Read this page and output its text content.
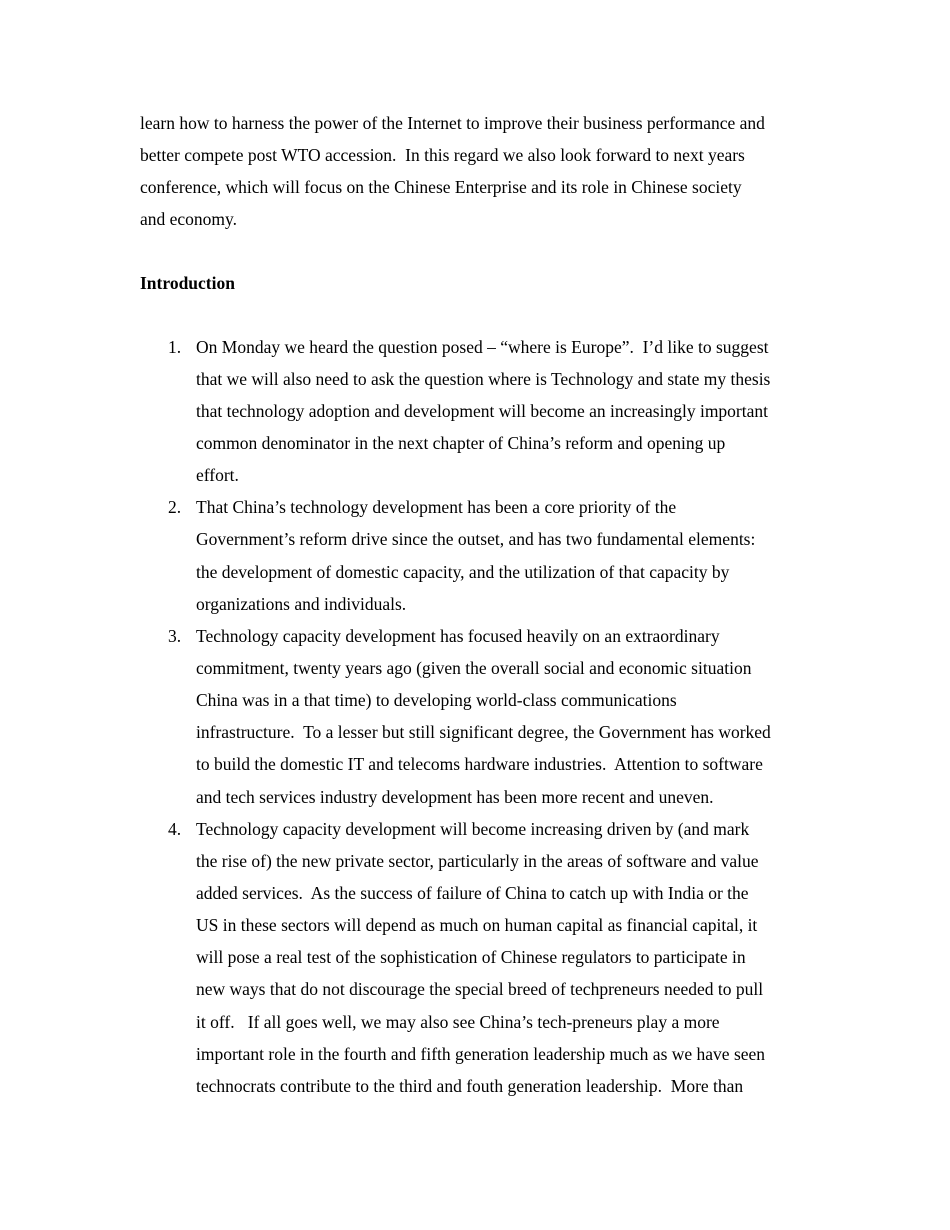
learn how to harness the power of the Internet to improve their business performance and
better compete post WTO accession.  In this regard we also look forward to next years
conference, which will focus on the Chinese Enterprise and its role in Chinese society
and economy.
Introduction
1. On Monday we heard the question posed – “where is Europe”.  I’d like to suggest
that we will also need to ask the question where is Technology and state my thesis
that technology adoption and development will become an increasingly important
common denominator in the next chapter of China’s reform and opening up
effort.
2. That China’s technology development has been a core priority of the
Government’s reform drive since the outset, and has two fundamental elements:
the development of domestic capacity, and the utilization of that capacity by
organizations and individuals.
3. Technology capacity development has focused heavily on an extraordinary
commitment, twenty years ago (given the overall social and economic situation
China was in a that time) to developing world-class communications
infrastructure.  To a lesser but still significant degree, the Government has worked
to build the domestic IT and telecoms hardware industries.  Attention to software
and tech services industry development has been more recent and uneven.
4. Technology capacity development will become increasing driven by (and mark
the rise of) the new private sector, particularly in the areas of software and value
added services.  As the success of failure of China to catch up with India or the
US in these sectors will depend as much on human capital as financial capital, it
will pose a real test of the sophistication of Chinese regulators to participate in
new ways that do not discourage the special breed of techpreneurs needed to pull
it off.   If all goes well, we may also see China’s tech-preneurs play a more
important role in the fourth and fifth generation leadership much as we have seen
technocrats contribute to the third and fouth generation leadership.  More than
